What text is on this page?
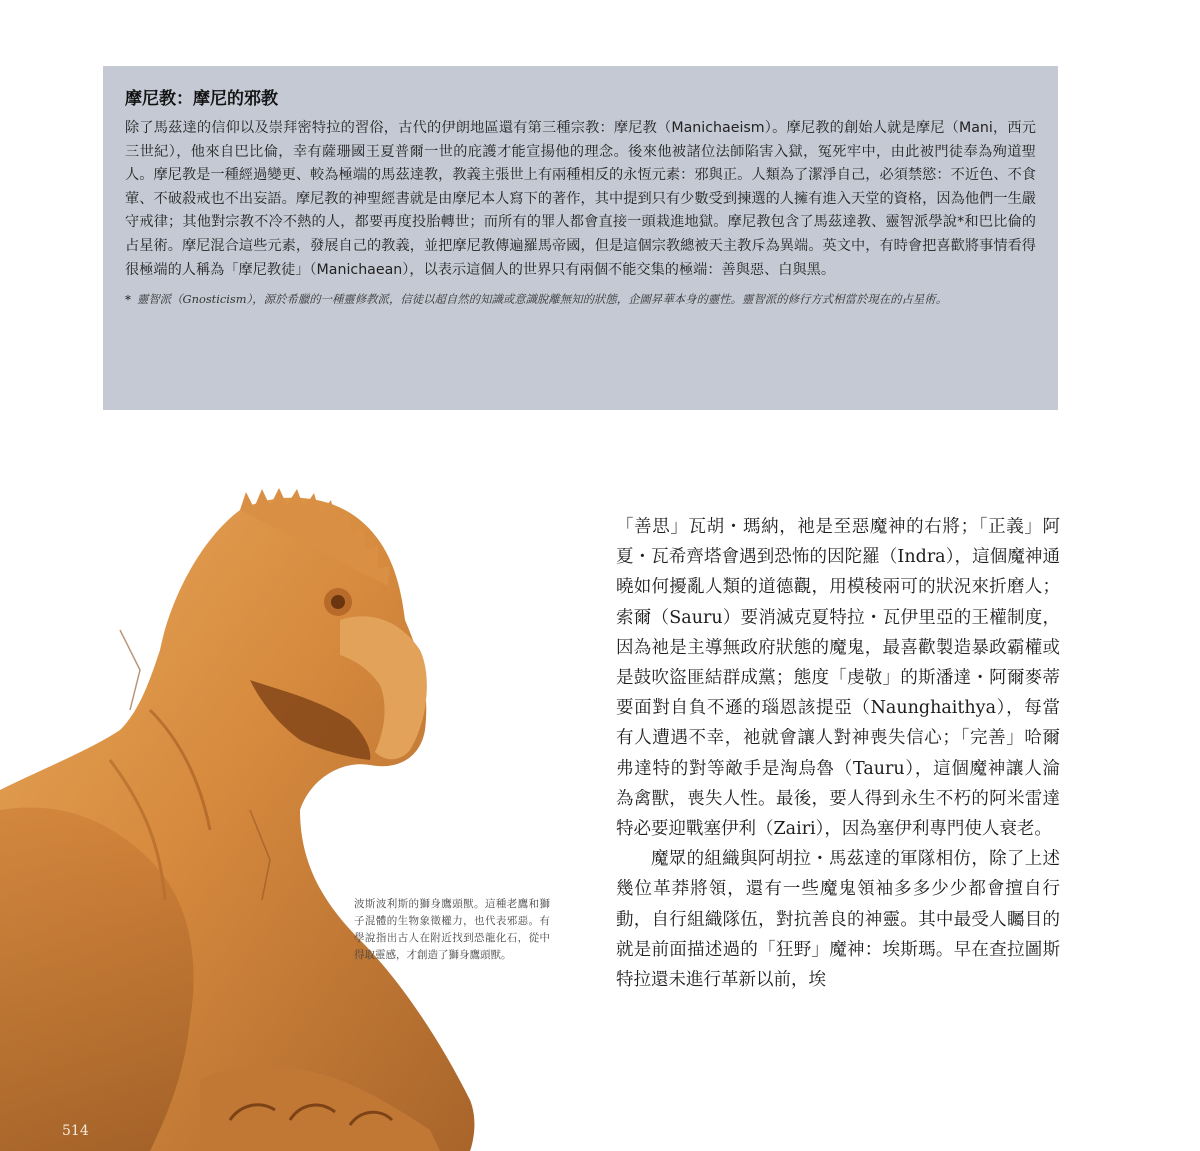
摩尼教：摩尼的邪教

除了馬茲達的信仰以及崇拜密特拉的習俗，古代的伊朗地區還有第三種宗教：摩尼教（Manichaeism）。摩尼教的創始人就是摩尼（Mani，西元三世紀），他來自巴比倫，幸有薩珊國王夏普爾一世的庇護才能宣揚他的理念。後來他被諸位法師陷害入獄，冤死牢中，由此被門徒奉為殉道聖人。摩尼教是一種經過變更、較為極端的馬茲達教，教義主張世上有兩種相反的永恆元素：邪與正。人類為了潔淨自己，必須禁慾：不近色、不食葷、不破殺戒也不出妄語。摩尼教的神聖經書就是由摩尼本人寫下的著作，其中提到只有少數受到揀選的人擁有進入天堂的資格，因為他們一生嚴守戒律；其他對宗教不冷不熱的人，都要再度投胎轉世；而所有的罪人都會直接一頭栽進地獄。摩尼教包含了馬茲達教、靈智派學說*和巴比倫的占星術。摩尼混合這些元素，發展自己的教義，並把摩尼教傳遍羅馬帝國，但是這個宗教總被天主教斥為異端。英文中，有時會把喜歡將事情看得很極端的人稱為「摩尼教徒」（Manichaean），以表示這個人的世界只有兩個不能交集的極端：善與惡、白與黑。

* 靈智派（Gnosticism），源於希臘的一種靈修教派，信徒以超自然的知識或意識脫離無知的狀態，企圖昇華本身的靈性。靈智派的修行方式相當於現在的占星術。

波斯波利斯的獅身鷹頭獸。這種老鷹和獅子混體的生物象徵權力，也代表邪惡。有學說指出古人在附近找到恐龍化石，從中得取靈感，才創造了獅身鷹頭獸。

514

「善思」瓦胡・瑪納，祂是至惡魔神的右將；「正義」阿夏・瓦希齊塔會遇到恐怖的因陀羅（Indra），這個魔神通曉如何擾亂人類的道德觀，用模稜兩可的狀況來折磨人；索爾（Sauru）要消滅克夏特拉・瓦伊里亞的王權制度，因為祂是主導無政府狀態的魔鬼，最喜歡製造暴政霸權或是鼓吹盜匪結群成黨；態度「虔敬」的斯潘達・阿爾麥蒂要面對自負不遜的瑙恩該提亞（Naunghaithya），每當有人遭遇不幸，祂就會讓人對神喪失信心；「完善」哈爾弗達特的對等敵手是淘烏魯（Tauru），這個魔神讓人淪為禽獸，喪失人性。最後，要人得到永生不朽的阿米雷達特必要迎戰塞伊利（Zairi），因為塞伊利專門使人衰老。

魔眾的組織與阿胡拉・馬茲達的軍隊相仿，除了上述幾位革莽將領，還有一些魔鬼領袖多多少少都會擅自行動，自行組織隊伍，對抗善良的神靈。其中最受人矚目的就是前面描述過的「狂野」魔神：埃斯瑪。早在查拉圖斯特拉還未進行革新以前，埃
